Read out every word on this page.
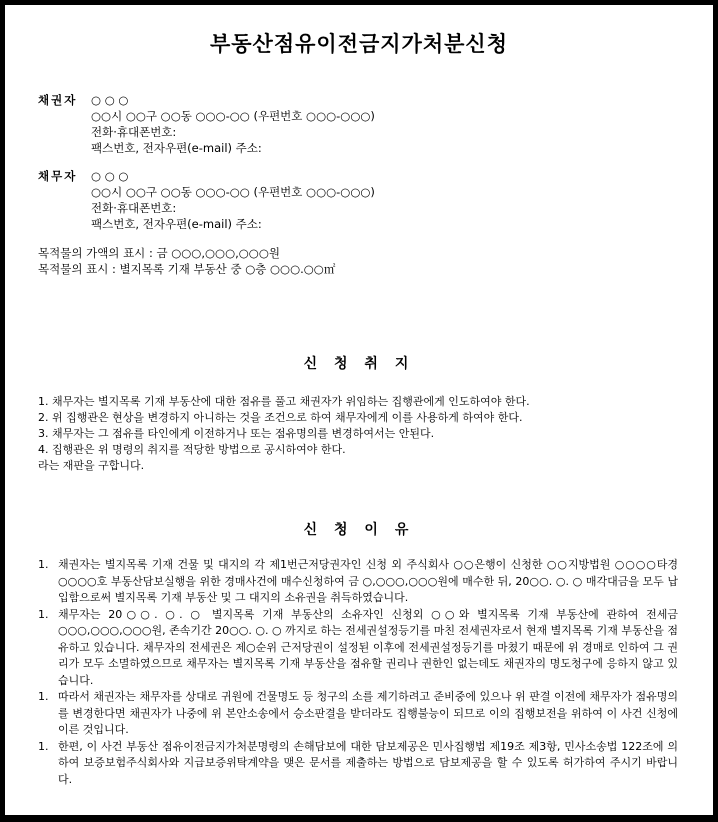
부동산점유이전금지가처분신청
채권자	○ ○ ○
○○시 ○○구 ○○동 ○○○-○○ (우편번호 ○○○-○○○)
전화·휴대폰번호:
팩스번호, 전자우편(e-mail) 주소:
채무자	○ ○ ○
○○시 ○○구 ○○동 ○○○-○○ (우편번호 ○○○-○○○)
전화·휴대폰번호:
팩스번호, 전자우편(e-mail) 주소:
목적물의 가액의 표시 : 금 ○○○,○○○,○○○원
목적물의 표시 : 별지목록 기재 부동산 중 ○층 ○○○.○○㎡
신 청 취 지
1. 채무자는 별지목록 기재 부동산에 대한 점유를 풀고 채권자가 위임하는 집행관에게 인도하여야 한다.
2. 위 집행관은 현상을 변경하지 아니하는 것을 조건으로 하여 채무자에게 이를 사용하게 하여야 한다.
3. 채무자는 그 점유를 타인에게 이전하거나 또는 점유명의를 변경하여서는 안된다.
4. 집행관은 위 명령의 취지를 적당한 방법으로 공시하여야 한다.
라는 재판을 구합니다.
신 청 이 유
1. 채권자는 별지목록 기재 건물 및 대지의 각 제1번근저당권자인 신청 외 주식회사 ○○은행이 신청한 ○○지방법원 ○○○○타경 ○○○○호 부동산담보실행을 위한 경매사건에 매수신청하여 금 ○,○○○,○○○원에 매수한 뒤, 20○○. ○. ○ 매각대금을 모두 납입함으로써 별지목록 기재 부동산 및 그 대지의 소유권을 취득하였습니다.
1. 채무자는 20○○. ○. ○ 별지목록 기재 부동산의 소유자인 신청외 ○○와 별지목록 기재 부동산에 관하여 전세금 ○○○,○○○,○○○원, 존속기간 20○○. ○. ○ 까지로 하는 전세권설정등기를 마친 전세권자로서 현재 별지목록 기재 부동산을 점유하고 있습니다. 채무자의 전세권은 제○순위 근저당권이 설정된 이후에 전세권설정등기를 마쳤기 때문에 위 경매로 인하여 그 권리가 모두 소멸하였으므로 채무자는 별지목록 기재 부동산을 점유할 권리나 권한인 없는데도 채권자의 명도청구에 응하지 않고 있습니다.
1. 따라서 채권자는 채무자를 상대로 귀원에 건물명도 등 청구의 소를 제기하려고 준비중에 있으나 위 판결 이전에 채무자가 점유명의를 변경한다면 채권자가 나중에 위 본안소송에서 승소판결을 받더라도 집행불능이 되므로 이의 집행보전을 위하여 이 사건 신청에 이른 것입니다.
1. 한편, 이 사건 부동산 점유이전금지가처분명령의 손해담보에 대한 담보제공은 민사집행법 제19조 제3항, 민사소송법 122조에 의하여 보증보험주식회사와 지급보증위탁계약을 맺은 문서를 제출하는 방법으로 담보제공을 할 수 있도록 허가하여 주시기 바랍니다.
